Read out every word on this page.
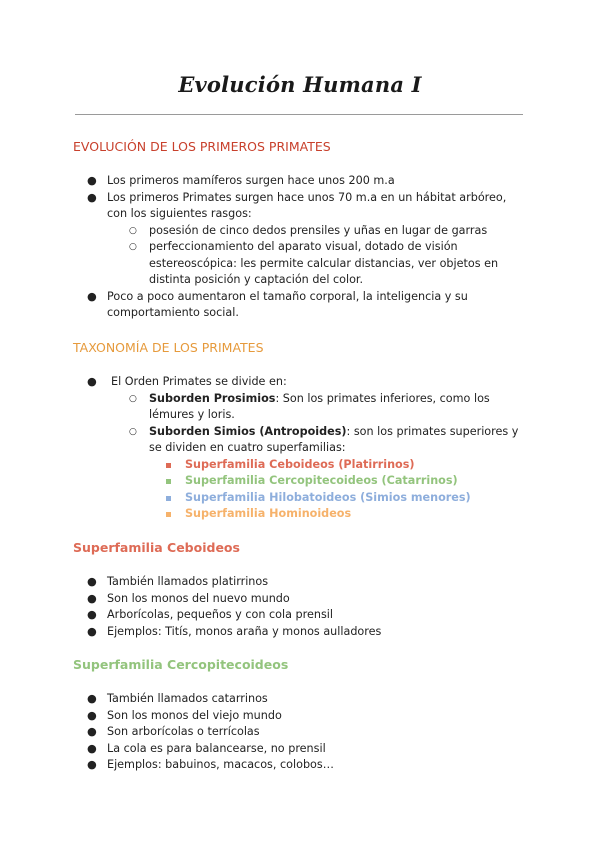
Evolución Humana I
EVOLUCIÓN DE LOS PRIMEROS PRIMATES
● Los primeros mamíferos surgen hace unos 200 m.a
● Los primeros Primates surgen hace unos 70 m.a en un hábitat arbóreo, con los siguientes rasgos:
○ posesión de cinco dedos prensiles y uñas en lugar de garras
○ perfeccionamiento del aparato visual, dotado de visión estereoscópica: les permite calcular distancias, ver objetos en distinta posición y captación del color.
● Poco a poco aumentaron el tamaño corporal, la inteligencia y su comportamiento social.
TAXONOMÍA DE LOS PRIMATES
● El Orden Primates se divide en:
○ Suborden Prosimios: Son los primates inferiores, como los lémures y loris.
○ Suborden Simios (Antropoides): son los primates superiores y se dividen en cuatro superfamilias:
Superfamilia Ceboideos (Platirrinos)
Superfamilia Cercopitecoideos (Catarrinos)
Superfamilia Hilobatoideos (Simios menores)
Superfamilia Hominoideos
Superfamilia Ceboideos
● También llamados platirrinos
● Son los monos del nuevo mundo
● Arborícolas, pequeños y con cola prensil
● Ejemplos: Titís, monos araña y monos aulladores
Superfamilia Cercopitecoideos
● También llamados catarrinos
● Son los monos del viejo mundo
● Son arborícolas o terrícolas
● La cola es para balancearse, no prensil
● Ejemplos: babuinos, macacos, colobos…
